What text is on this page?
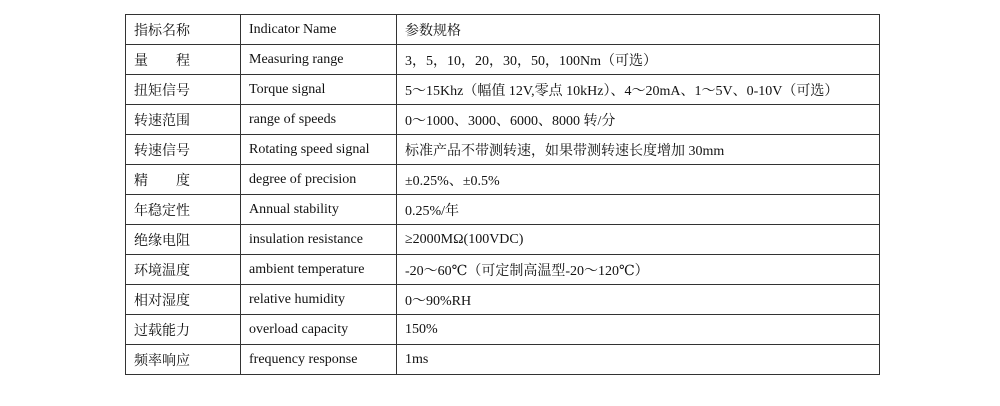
指标名称	Indicator Name	参数规格
量　　程	Measuring range	3，5，10，20，30，50，100Nm（可选）
扭矩信号	Torque signal	5～15Khz（幅值 12V,零点 10kHz）、4～20mA、1～5V、0-10V（可选）
转速范围	range of speeds	0～1000、3000、6000、8000 转/分
转速信号	Rotating speed signal	标准产品不带测转速，如果带测转速长度增加 30mm
精　　度	degree of precision	±0.25%、±0.5%
年稳定性	Annual stability	0.25%/年
绝缘电阻	insulation resistance	≥2000MΩ(100VDC)
环境温度	ambient temperature	-20～60℃（可定制高温型-20～120℃）
相对湿度	relative humidity	0～90%RH
过载能力	overload capacity	150%
频率响应	frequency response	1ms
